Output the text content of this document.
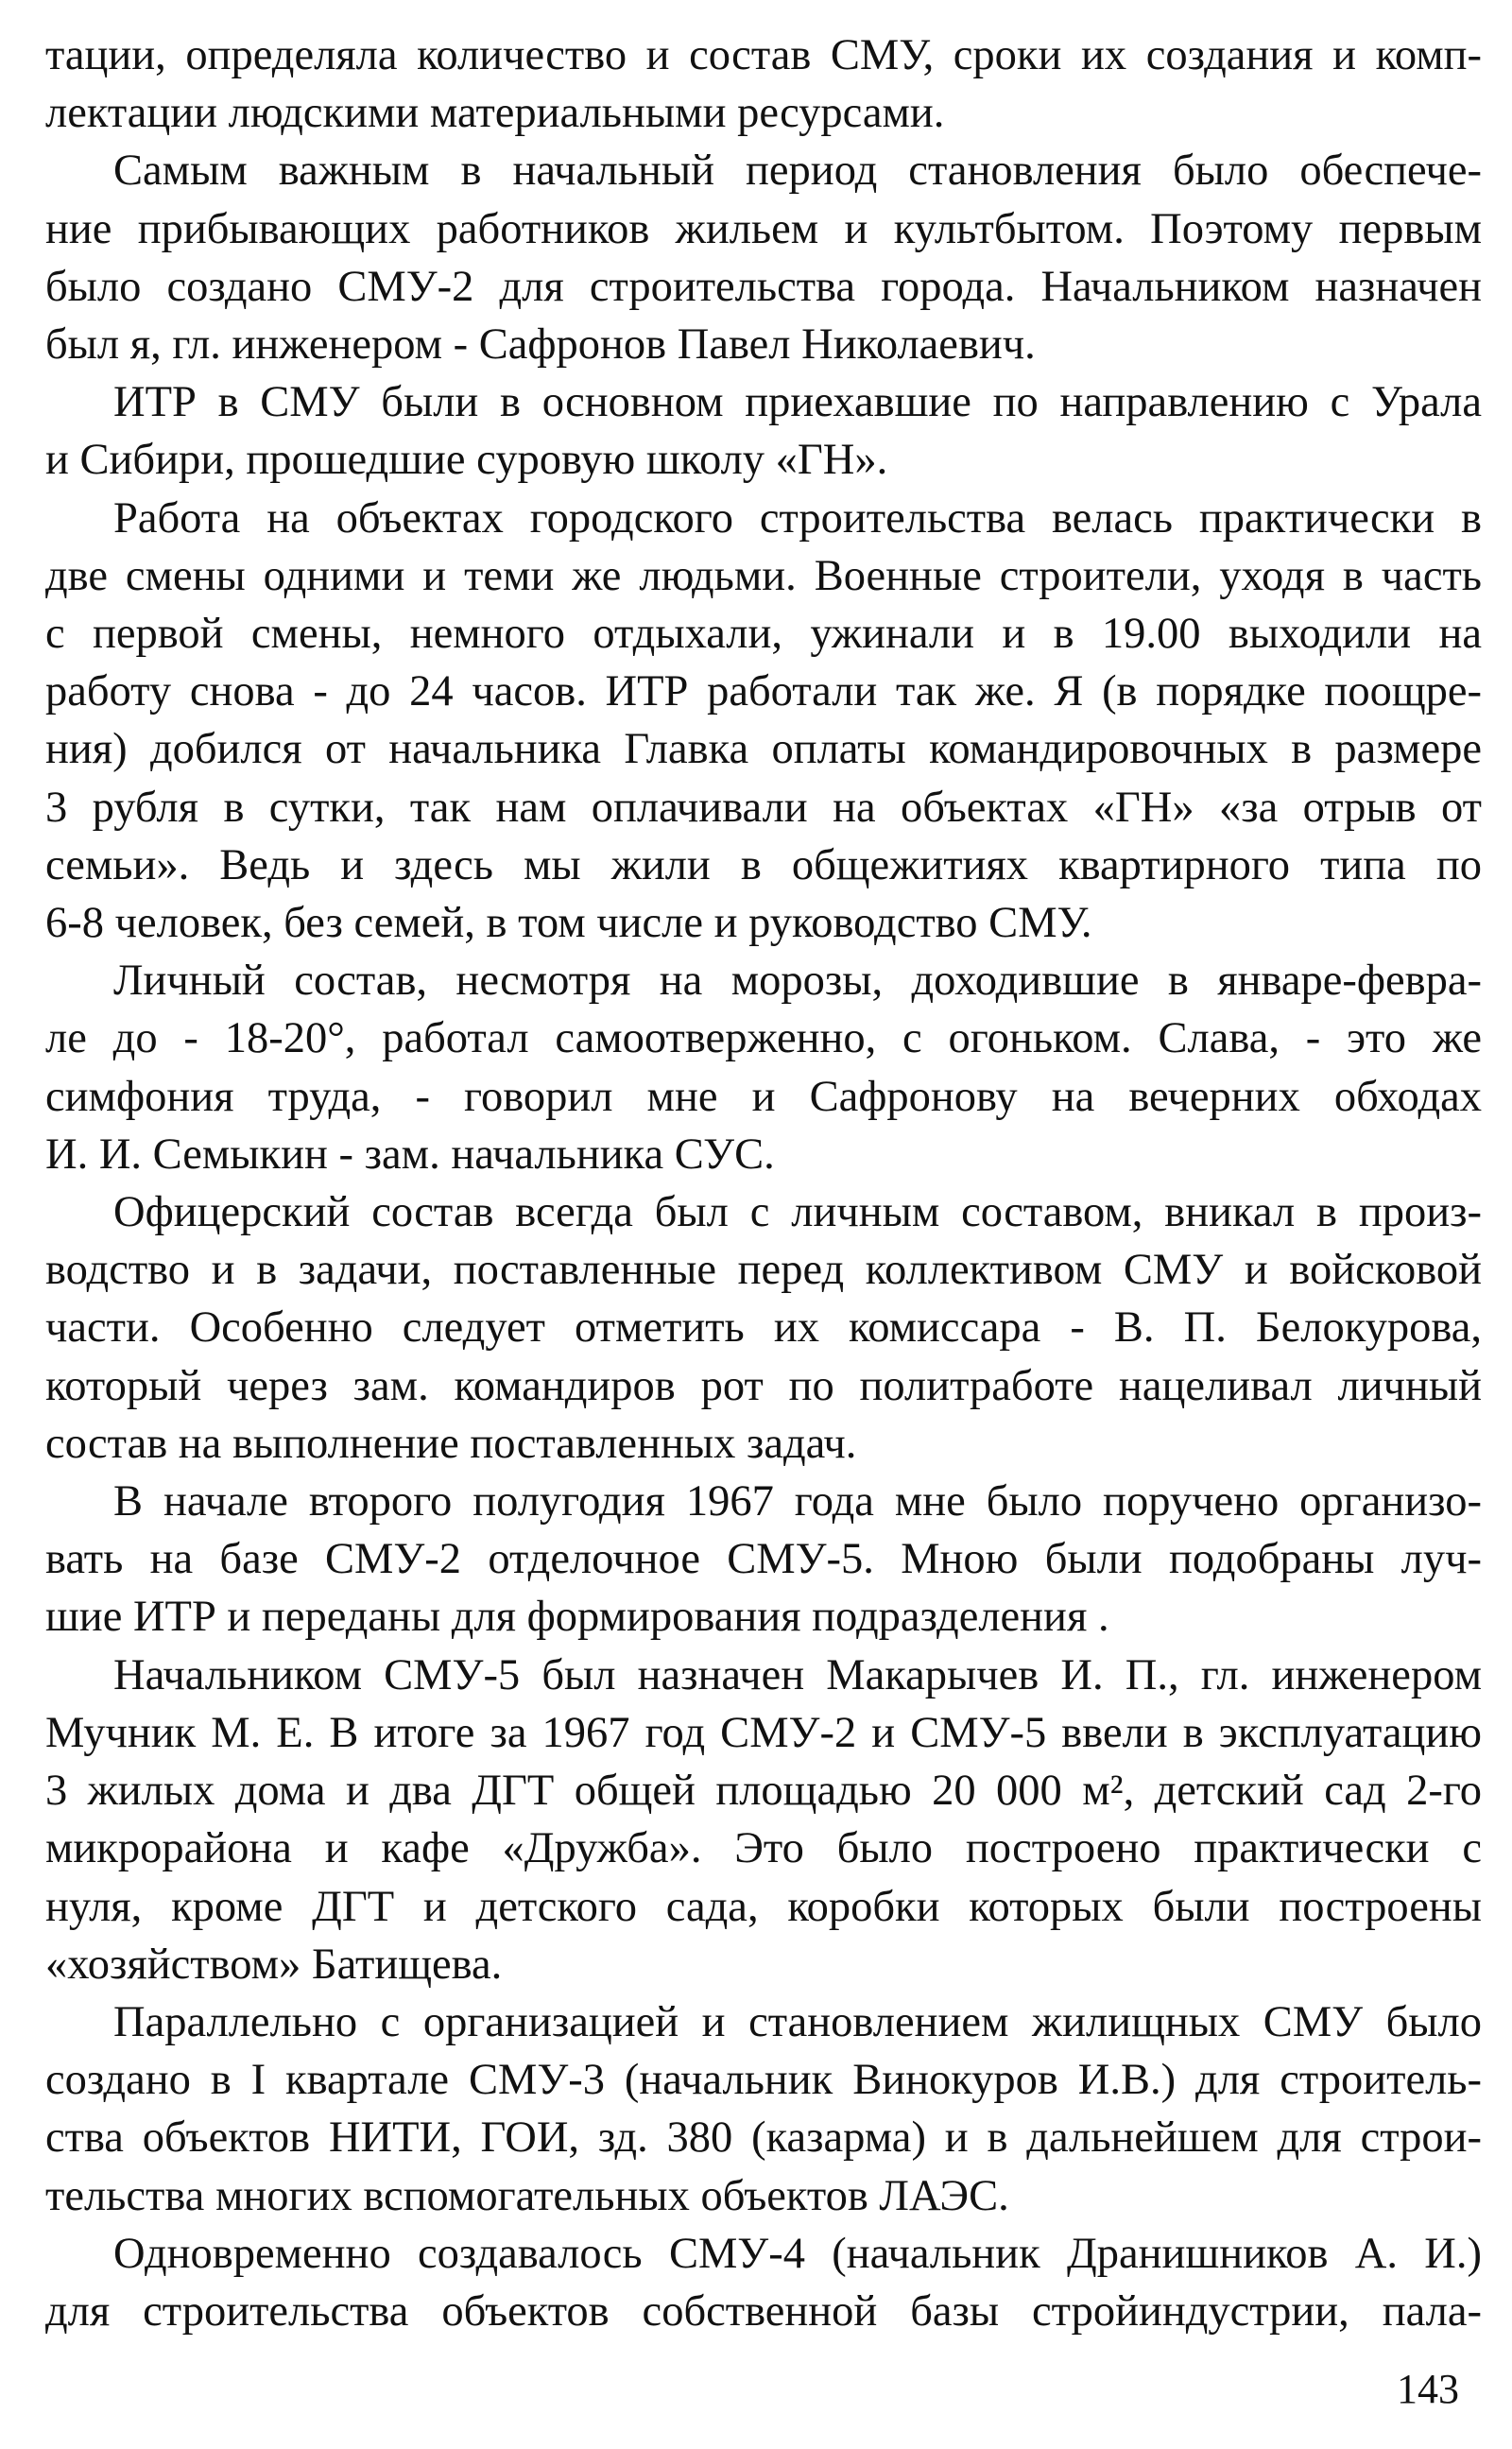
тации, определяла количество и состав СМУ, сроки их создания и комп-
лектации людскими материальными ресурсами.

Самым важным в начальный период становления было обеспече-
ние прибывающих работников жильем и культбытом. Поэтому первым
было создано СМУ-2 для строительства города. Начальником назначен
был я, гл. инженером - Сафронов Павел Николаевич.

ИТР в СМУ были в основном приехавшие по направлению с Урала
и Сибири, прошедшие суровую школу «ГН».

Работа на объектах городского строительства велась практически в
две смены одними и теми же людьми. Военные строители, уходя в часть
с первой смены, немного отдыхали, ужинали и в 19.00 выходили на
работу снова - до 24 часов. ИТР работали так же. Я (в порядке поощре-
ния) добился от начальника Главка оплаты командировочных в размере
3 рубля в сутки, так нам оплачивали на объектах «ГН» «за отрыв от
семьи». Ведь и здесь мы жили в общежитиях квартирного типа по
6-8 человек, без семей, в том числе и руководство СМУ.

Личный состав, несмотря на морозы, доходившие в январе-февра-
ле до - 18-20°, работал самоотверженно, с огоньком. Слава, - это же
симфония труда, - говорил мне и Сафронову на вечерних обходах
И. И. Семыкин - зам. начальника СУС.

Офицерский состав всегда был с личным составом, вникал в произ-
водство и в задачи, поставленные перед коллективом СМУ и войсковой
части. Особенно следует отметить их комиссара - В. П. Белокурова,
который через зам. командиров рот по политработе нацеливал личный
состав на выполнение поставленных задач.

В начале второго полугодия 1967 года мне было поручено организо-
вать на базе СМУ-2 отделочное СМУ-5. Мною были подобраны луч-
шие ИТР и переданы для формирования подразделения .

Начальником СМУ-5 был назначен Макарычев И. П., гл. инженером
Мучник М. Е. В итоге за 1967 год СМУ-2 и СМУ-5 ввели в эксплуатацию
3 жилых дома и два ДГТ общей площадью 20 000 м², детский сад 2-го
микрорайона и кафе «Дружба». Это было построено практически с
нуля, кроме ДГТ и детского сада, коробки которых были построены
«хозяйством» Батищева.

Параллельно с организацией и становлением жилищных СМУ было
создано в I квартале СМУ-3 (начальник Винокуров И.В.) для строитель-
ства объектов НИТИ, ГОИ, зд. 380 (казарма) и в дальнейшем для строи-
тельства многих вспомогательных объектов ЛАЭС.

Одновременно создавалось СМУ-4 (начальник Дранишников А. И.)
для строительства объектов собственной базы стройиндустрии, пала-

143
